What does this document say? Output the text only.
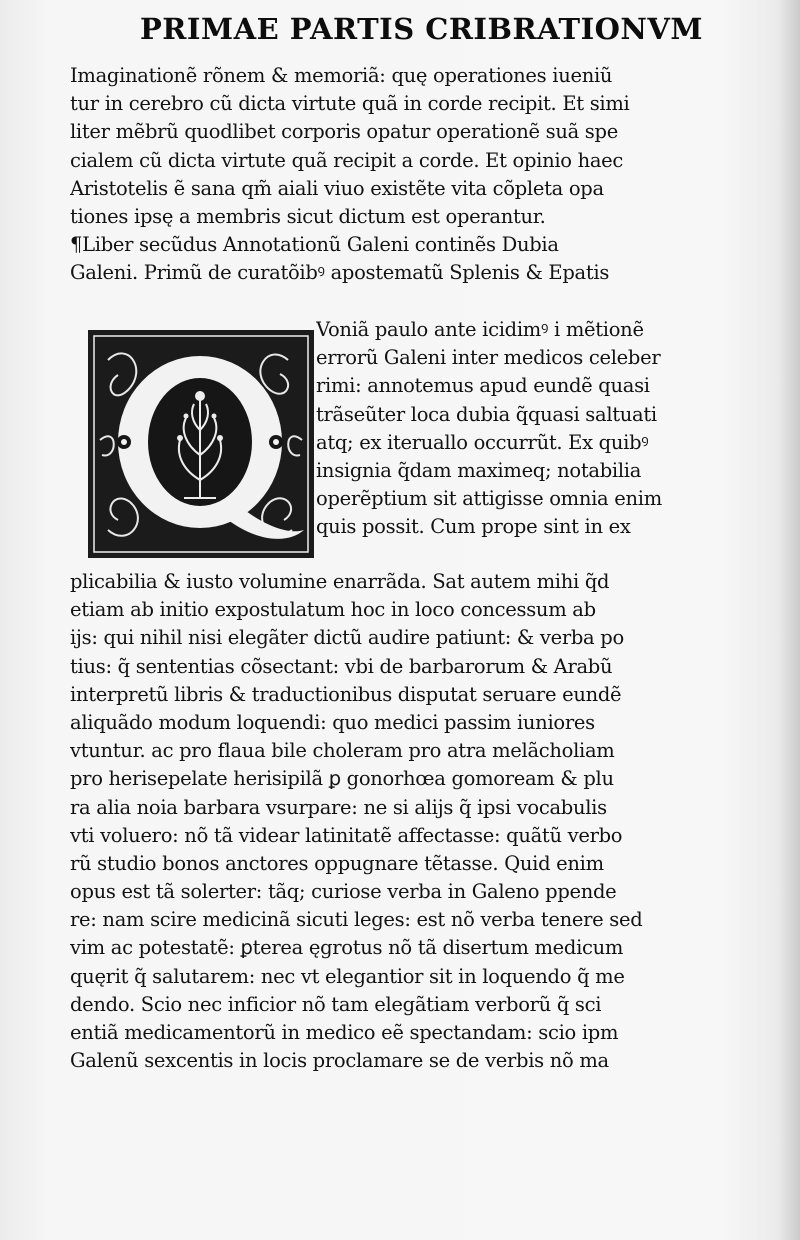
PRIMAE PARTIS CRIBRATIONVM
Imaginationẽ rõnem & memoriã: quę operationes iueniũ
tur in cerebro cũ dicta virtute quã in corde recipit. Et simi
liter mẽbrũ quodlibet corporis opatur operationẽ suã spe
cialem cũ dicta virtute quã recipit a corde. Et opinio haec
Aristotelis ẽ sana qm̃ aiali viuo existẽte vita cõpleta opa
tiones ipsę a membris sicut dictum est operantur.
¶Liber secũdus Annotationũ Galeni continẽs Dubia
Galeni. Primũ de curatõibꝰ apostematũ Splenis & Epatis
Voniã paulo ante icidimꝰ i mẽtionẽ
errorũ Galeni inter medicos celeber
rimi: annotemus apud eundẽ quasi
trãseũter loca dubia q̃quasi saltuati
atq; ex iteruallo occurrũt. Ex quibꝰ
insignia q̃dam maximeq; notabilia
operẽptium sit attigisse omnia enim
quis possit. Cum prope sint in ex
plicabilia & iusto volumine enarrãda. Sat autem mihi q̃d
etiam ab initio expostulatum hoc in loco concessum ab
ijs: qui nihil nisi elegãter dictũ audire patiunt: & verba po
tius: q̃ sententias cõsectant: vbi de barbarorum & Arabũ
interpretũ libris & traductionibus disputat seruare eundẽ
aliquãdo modum loquendi: quo medici passim iuniores
vtuntur. ac pro flaua bile choleram pro atra melãcholiam
pro herisepelate herisipilã ꝑ gonorhœa gomoream & plu
ra alia noia barbara vsurpare: ne si alijs q̃ ipsi vocabulis
vti voluero: nõ tã videar latinitatẽ affectasse: quãtũ verbo
rũ studio bonos anctores oppugnare tẽtasse. Quid enim
opus est tã solerter: tãq; curiose verba in Galeno ppende
re: nam scire medicinã sicuti leges: est nõ verba tenere sed
vim ac potestatẽ: ꝑterea ęgrotus nõ tã disertum medicum
quęrit q̃ salutarem: nec vt elegantior sit in loquendo q̃ me
dendo. Scio nec inficior nõ tam elegãtiam verborũ q̃ sci
entiã medicamentorũ in medico eẽ spectandam: scio ipm
Galenũ sexcentis in locis proclamare se de verbis nõ ma
